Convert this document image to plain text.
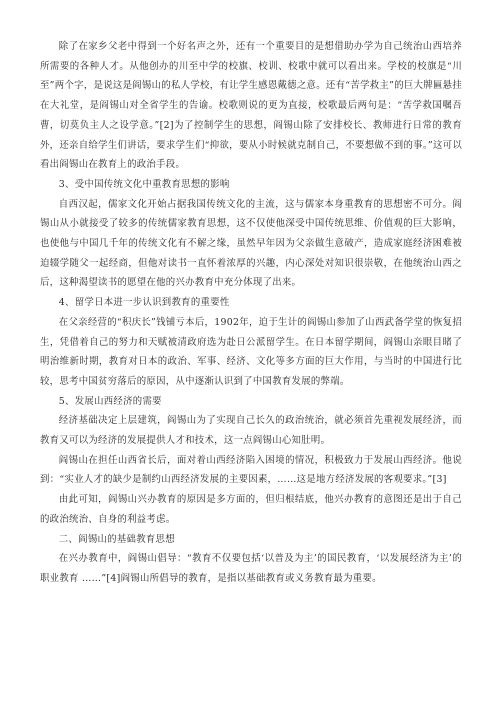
除了在家乡父老中得到一个好名声之外，还有一个重要目的是想借助办学为自己统治山西培养所需要的各种人才。从他创办的川至中学的校旗、校训、校歌中就可以看出来。学校的校旗是“川至”两个字，是说这是阎锡山的私人学校，有让学生感恩戴德之意。还有“苦学救主”的巨大牌匾悬挂在大礼堂，是阎锡山对全省学生的告谕。校歌则说的更为直接，校歌最后两句是：“苦学救国嘱吾曹，切莫负主人之设学意。”[2]为了控制学生的思想，阎锡山除了安排校长、教师进行日常的教育外，还亲自给学生们讲话，要求学生们“抑欲，要从小时候就克制自己，不要想做不到的事。”这可以看出阎锡山在教育上的政治手段。

3、受中国传统文化中重教育思想的影响

自西汉起，儒家文化开始占据我国传统文化的主流，这与儒家本身重教育的思想密不可分。阎锡山从小就接受了较多的传统儒家教育思想，这不仅使他深受中国传统思维、价值观的巨大影响，也使他与中国几千年的传统文化有不解之缘，虽然早年因为父亲做生意破产，造成家庭经济困难被迫辍学随父一起经商，但他对读书一直怀着浓厚的兴趣，内心深处对知识很崇敬，在他统治山西之后，这种渴望读书的愿望在他的兴办教育中充分体现了出来。

4、留学日本进一步认识到教育的重要性

在父亲经营的“积庆长”钱铺亏本后，1902年，迫于生计的阎锡山参加了山西武备学堂的恢复招生，凭借着自己的努力和天赋被清政府选为赴日公派留学生。在日本留学期间，阎锡山亲眼目睹了明治维新时期，教育对日本的政治、军事、经济、文化等多方面的巨大作用，与当时的中国进行比较，思考中国贫穷落后的原因，从中逐渐认识到了中国教育发展的弊端。

5、发展山西经济的需要

经济基础决定上层建筑，阎锡山为了实现自己长久的政治统治，就必须首先重视发展经济，而教育又可以为经济的发展提供人才和技术，这一点阎锡山心知肚明。

阎锡山在担任山西省长后，面对着山西经济陷入困境的情况，积极致力于发展山西经济。他说到：“实业人才的缺少是制约山西经济发展的主要因素，……这是地方经济发展的客观要求。”[3]

由此可知，阎锡山兴办教育的原因是多方面的，但归根结底，他兴办教育的意图还是出于自己的政治统治、自身的利益考虑。

二、阎锡山的基础教育思想

在兴办教育中，阎锡山倡导：“教育不仅要包括‘以普及为主’的国民教育，‘以发展经济为主’的职业教育 ……”[4]阎锡山所倡导的教育，是指以基础教育或义务教育最为重要。
